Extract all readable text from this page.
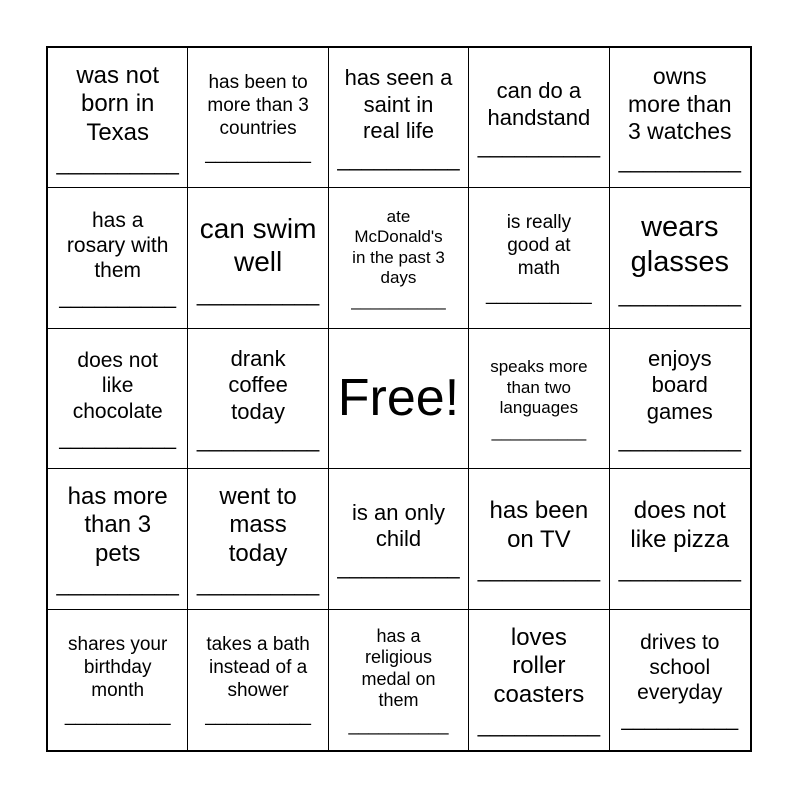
was not
born in
Texas
__________
has been to
more than 3
countries
__________
has seen a
saint in
real life
__________
can do a
handstand
__________
owns
more than
3 watches
__________
has a
rosary with
them
__________
can swim
well
__________
ate
McDonald's
in the past 3
days
__________
is really
good at
math
__________
wears
glasses
__________
does not
like
chocolate
__________
drank
coffee
today
__________
Free!
speaks more
than two
languages
__________
enjoys
board
games
__________
has more
than 3
pets
__________
went to
mass
today
__________
is an only
child
__________
has been
on TV
__________
does not
like pizza
__________
shares your
birthday
month
__________
takes a bath
instead of a
shower
__________
has a
religious
medal on
them
__________
loves
roller
coasters
__________
drives to
school
everyday
__________
